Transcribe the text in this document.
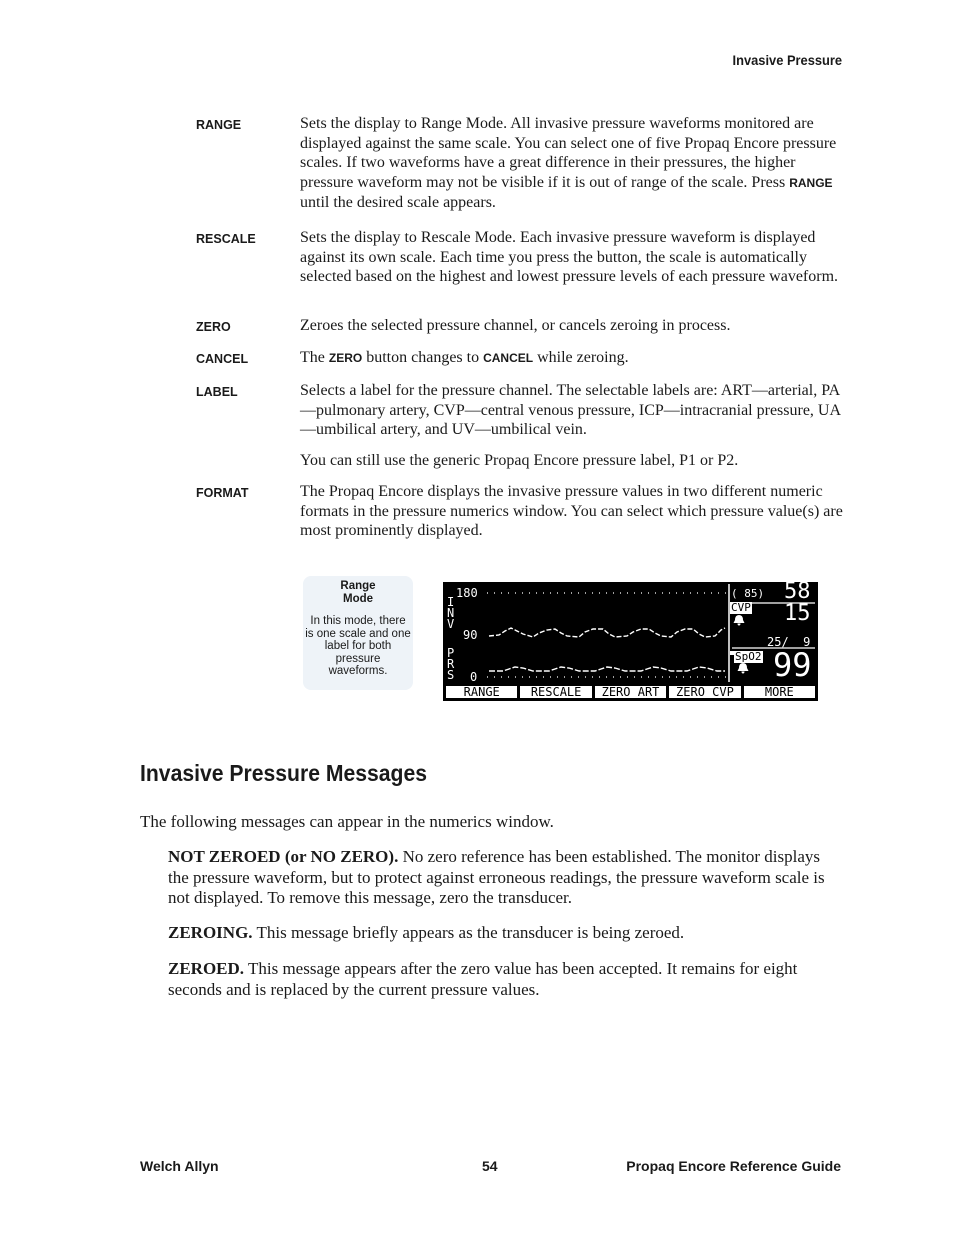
Invasive Pressure
RANGE	Sets the display to Range Mode. All invasive pressure waveforms monitored are displayed against the same scale. You can select one of five Propaq Encore pressure scales. If two waveforms have a great difference in their pressures, the higher pressure waveform may not be visible if it is out of range of the scale. Press RANGE until the desired scale appears.
RESCALE	Sets the display to Rescale Mode. Each invasive pressure waveform is displayed against its own scale. Each time you press the button, the scale is automatically selected based on the highest and lowest pressure levels of each pressure waveform.
ZERO	Zeroes the selected pressure channel, or cancels zeroing in process.
CANCEL	The ZERO button changes to CANCEL while zeroing.
LABEL	Selects a label for the pressure channel. The selectable labels are: ART—arterial, PA—pulmonary artery, CVP—central venous pressure, ICP—intracranial pressure, UA—umbilical artery, and UV—umbilical vein.
You can still use the generic Propaq Encore pressure label, P1 or P2.
FORMAT	The Propaq Encore displays the invasive pressure values in two different numeric formats in the pressure numerics window. You can select which pressure value(s) are most prominently displayed.
Range
Mode
In this mode, there is one scale and one label for both pressure waveforms.
180
90
0
I
N
V
P
R
S
( 85) 58
CVP 15
25/  9
SpO2 99
RANGE	RESCALE	ZERO ART	ZERO CVP	MORE
Invasive Pressure Messages
The following messages can appear in the numerics window.
NOT ZEROED (or NO ZERO). No zero reference has been established. The monitor displays the pressure waveform, but to protect against erroneous readings, the pressure waveform scale is not displayed. To remove this message, zero the transducer.
ZEROING. This message briefly appears as the transducer is being zeroed.
ZEROED. This message appears after the zero value has been accepted. It remains for eight seconds and is replaced by the current pressure values.
Welch Allyn	54	Propaq Encore Reference Guide
